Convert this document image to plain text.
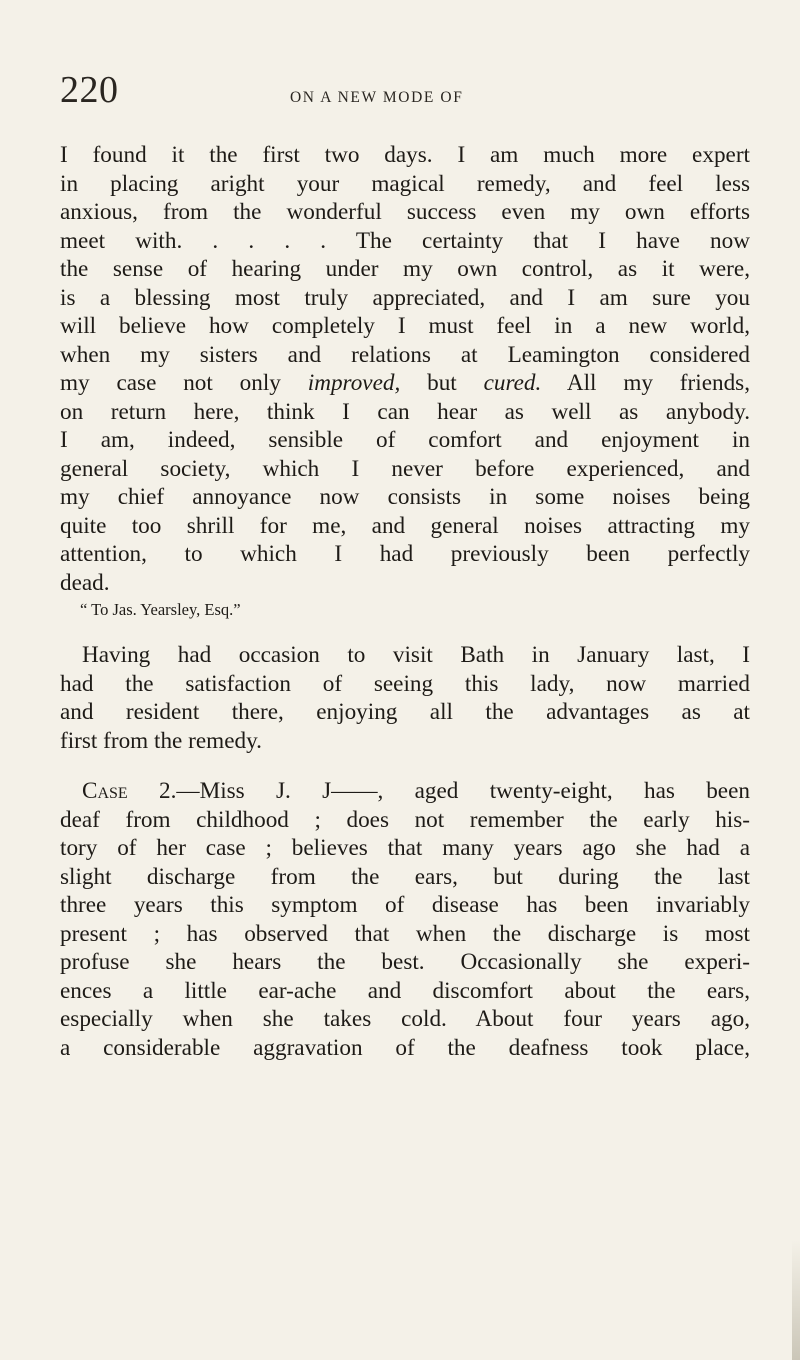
220	ON A NEW MODE OF
I found it the first two days. I am much more expert
in placing aright your magical remedy, and feel less
anxious, from the wonderful success even my own efforts
meet with. . . . . The certainty that I have now
the sense of hearing under my own control, as it were,
is a blessing most truly appreciated, and I am sure you
will believe how completely I must feel in a new world,
when my sisters and relations at Leamington considered
my case not only improved, but cured. All my friends,
on return here, think I can hear as well as anybody.
I am, indeed, sensible of comfort and enjoyment in
general society, which I never before experienced, and
my chief annoyance now consists in some noises being
quite too shrill for me, and general noises attracting my
attention, to which I had previously been perfectly
dead.
“ To Jas. Yearsley, Esq.”
Having had occasion to visit Bath in January last, I
had the satisfaction of seeing this lady, now married
and resident there, enjoying all the advantages as at
first from the remedy.
Case 2.—Miss J. J——, aged twenty-eight, has been
deaf from childhood ; does not remember the early his-
tory of her case ; believes that many years ago she had a
slight discharge from the ears, but during the last
three years this symptom of disease has been invariably
present ; has observed that when the discharge is most
profuse she hears the best. Occasionally she experi-
ences a little ear-ache and discomfort about the ears,
especially when she takes cold. About four years ago,
a considerable aggravation of the deafness took place,
